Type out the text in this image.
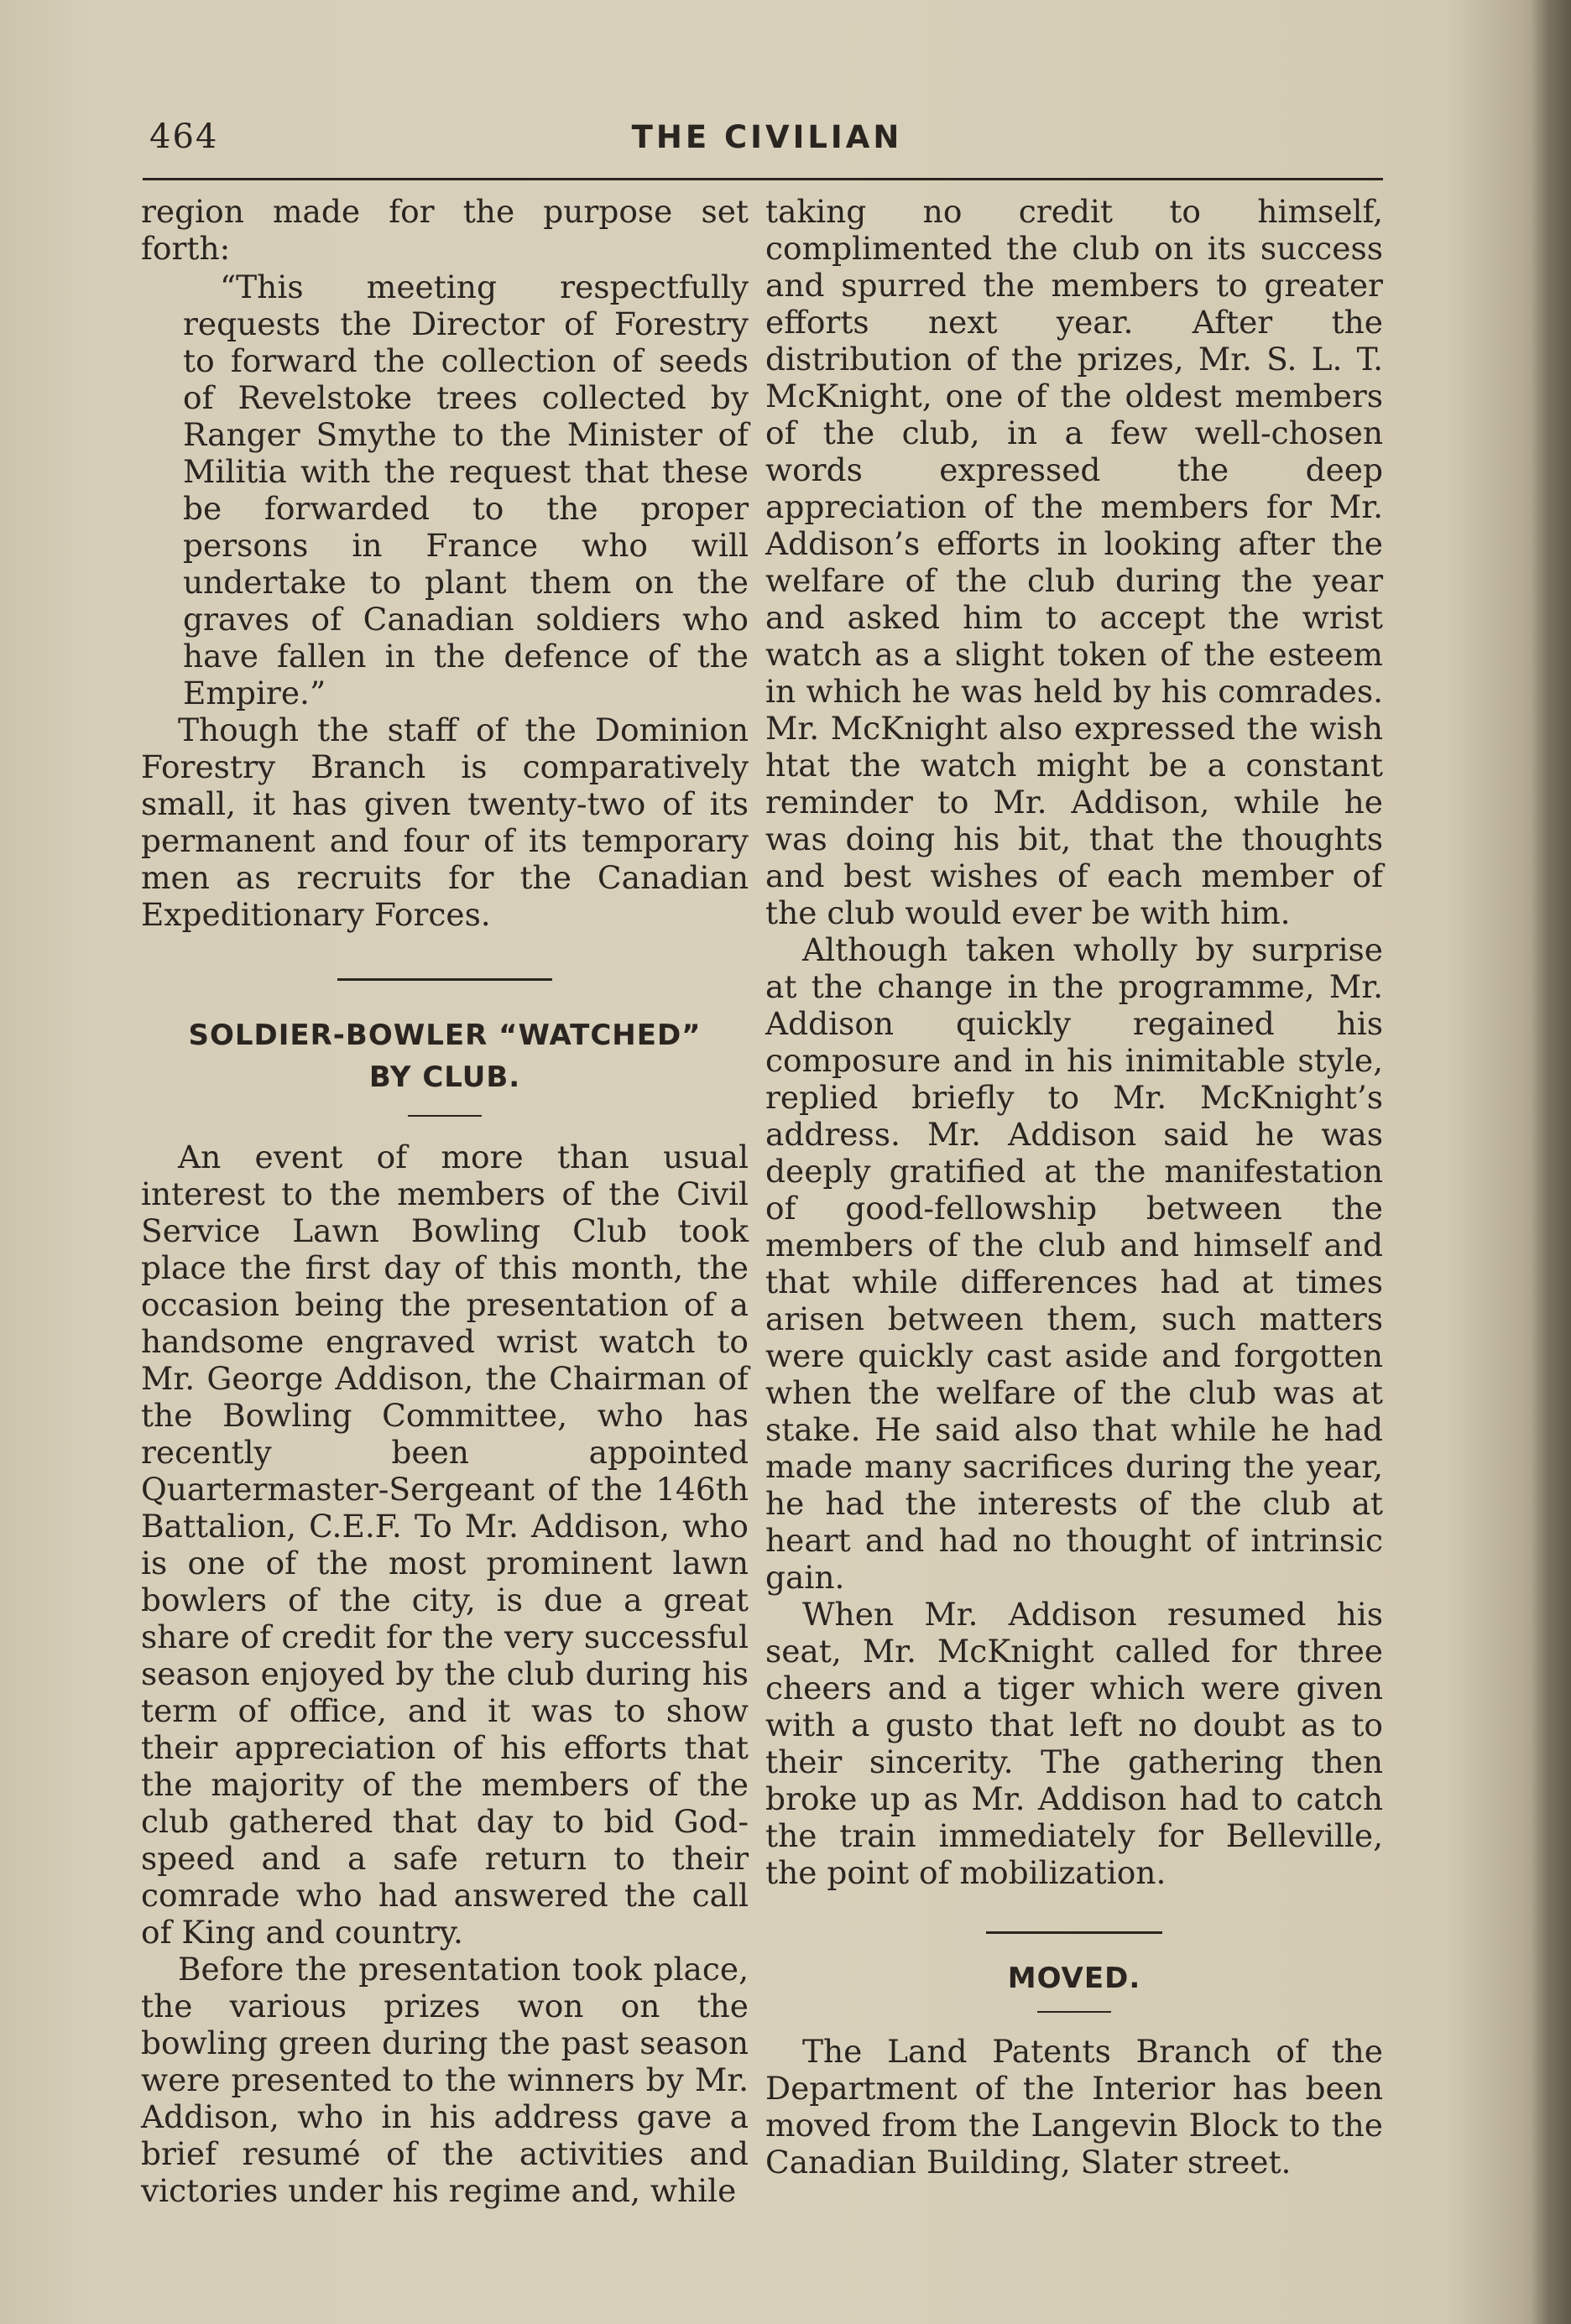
464	THE CIVILIAN

region made for the purpose set forth:

“This meeting respectfully requests the Director of Forestry to forward the collection of seeds of Revelstoke trees collected by Ranger Smythe to the Minister of Militia with the request that these be forwarded to the proper persons in France who will undertake to plant them on the graves of Canadian soldiers who have fallen in the defence of the Empire.”

Though the staff of the Dominion Forestry Branch is comparatively small, it has given twenty-two of its permanent and four of its temporary men as recruits for the Canadian Expeditionary Forces.

SOLDIER-BOWLER “WATCHED”
BY CLUB.

An event of more than usual interest to the members of the Civil Service Lawn Bowling Club took place the first day of this month, the occasion being the presentation of a handsome engraved wrist watch to Mr. George Addison, the Chairman of the Bowling Committee, who has recently been appointed Quartermaster-Sergeant of the 146th Battalion, C.E.F. To Mr. Addison, who is one of the most prominent lawn bowlers of the city, is due a great share of credit for the very successful season enjoyed by the club during his term of office, and it was to show their appreciation of his efforts that the majority of the members of the club gathered that day to bid God-speed and a safe return to their comrade who had answered the call of King and country.

Before the presentation took place, the various prizes won on the bowling green during the past season were presented to the winners by Mr. Addison, who in his address gave a brief resumé of the activities and victories under his regime and, while

taking no credit to himself, complimented the club on its success and spurred the members to greater efforts next year. After the distribution of the prizes, Mr. S. L. T. McKnight, one of the oldest members of the club, in a few well-chosen words expressed the deep appreciation of the members for Mr. Addison’s efforts in looking after the welfare of the club during the year and asked him to accept the wrist watch as a slight token of the esteem in which he was held by his comrades. Mr. McKnight also expressed the wish htat the watch might be a constant reminder to Mr. Addison, while he was doing his bit, that the thoughts and best wishes of each member of the club would ever be with him.

Although taken wholly by surprise at the change in the programme, Mr. Addison quickly regained his composure and in his inimitable style, replied briefly to Mr. McKnight’s address. Mr. Addison said he was deeply gratified at the manifestation of good-fellowship between the members of the club and himself and that while differences had at times arisen between them, such matters were quickly cast aside and forgotten when the welfare of the club was at stake. He said also that while he had made many sacrifices during the year, he had the interests of the club at heart and had no thought of intrinsic gain.

When Mr. Addison resumed his seat, Mr. McKnight called for three cheers and a tiger which were given with a gusto that left no doubt as to their sincerity. The gathering then broke up as Mr. Addison had to catch the train immediately for Belleville, the point of mobilization.

MOVED.

The Land Patents Branch of the Department of the Interior has been moved from the Langevin Block to the Canadian Building, Slater street.
